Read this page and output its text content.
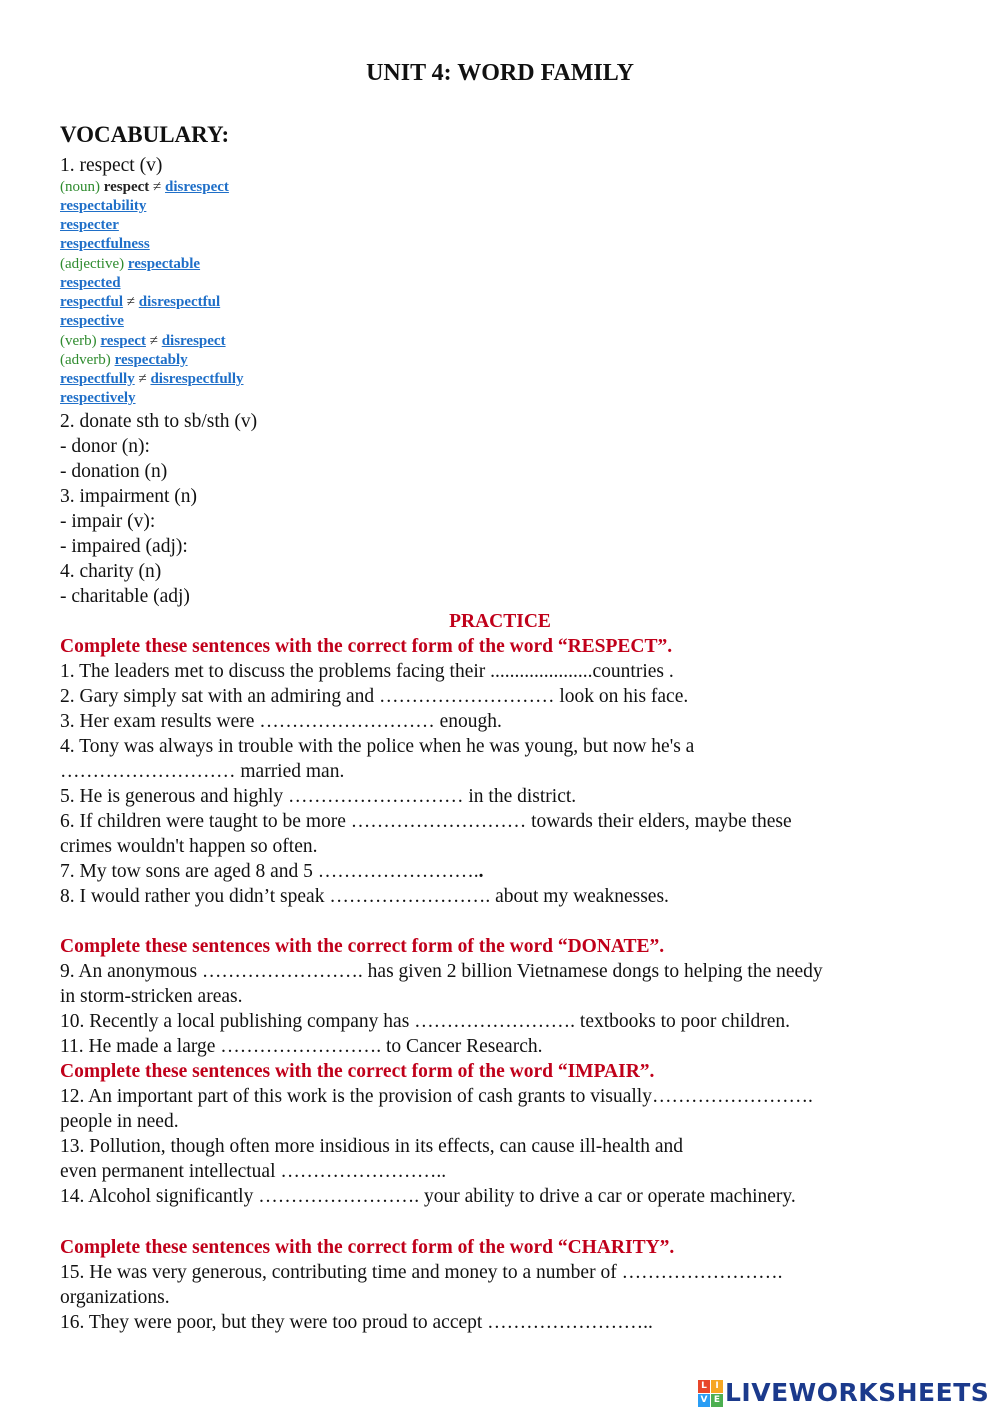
UNIT 4: WORD FAMILY
VOCABULARY:
1. respect (v)
(noun) respect ≠ disrespect
respectability
respecter
respectfulness
(adjective) respectable
respected
respectful ≠ disrespectful
respective
(verb) respect ≠ disrespect
(adverb) respectably
respectfully ≠ disrespectfully
respectively
2. donate sth to sb/sth (v)
- donor (n):
- donation (n)
3. impairment (n)
- impair (v):
- impaired (adj):
4. charity (n)
- charitable (adj)
PRACTICE
Complete these sentences with the correct form of the word “RESPECT”.
1. The leaders met to discuss the problems facing their .....................countries .
2. Gary simply sat with an admiring and ……………………… look on his face.
3. Her exam results were ……………………… enough.
4. Tony was always in trouble with the police when he was young, but now he's a
……………………… married man.
5. He is generous and highly ……………………… in the district.
6. If children were taught to be more ……………………… towards their elders, maybe these
crimes wouldn't happen so often.
7. My tow sons are aged 8 and 5 ……………………..
8. I would rather you didn’t speak ……………………. about my weaknesses.
Complete these sentences with the correct form of the word “DONATE”.
9. An anonymous ……………………. has given 2 billion Vietnamese dongs to helping the needy
in storm-stricken areas.
10. Recently a local publishing company has ……………………. textbooks to poor children.
11. He made a large ……………………. to Cancer Research.
Complete these sentences with the correct form of the word “IMPAIR”.
12. An important part of this work is the provision of cash grants to visually…………………….
people in need.
13. Pollution, though often more insidious in its effects, can cause ill-health and
even permanent intellectual ……………………..
14. Alcohol significantly ……………………. your ability to drive a car or operate machinery.
Complete these sentences with the correct form of the word “CHARITY”.
15. He was very generous, contributing time and money to a number of …………………….
organizations.
16. They were poor, but they were too proud to accept ……………………..
L I
V E LIVEWORKSHEETS
